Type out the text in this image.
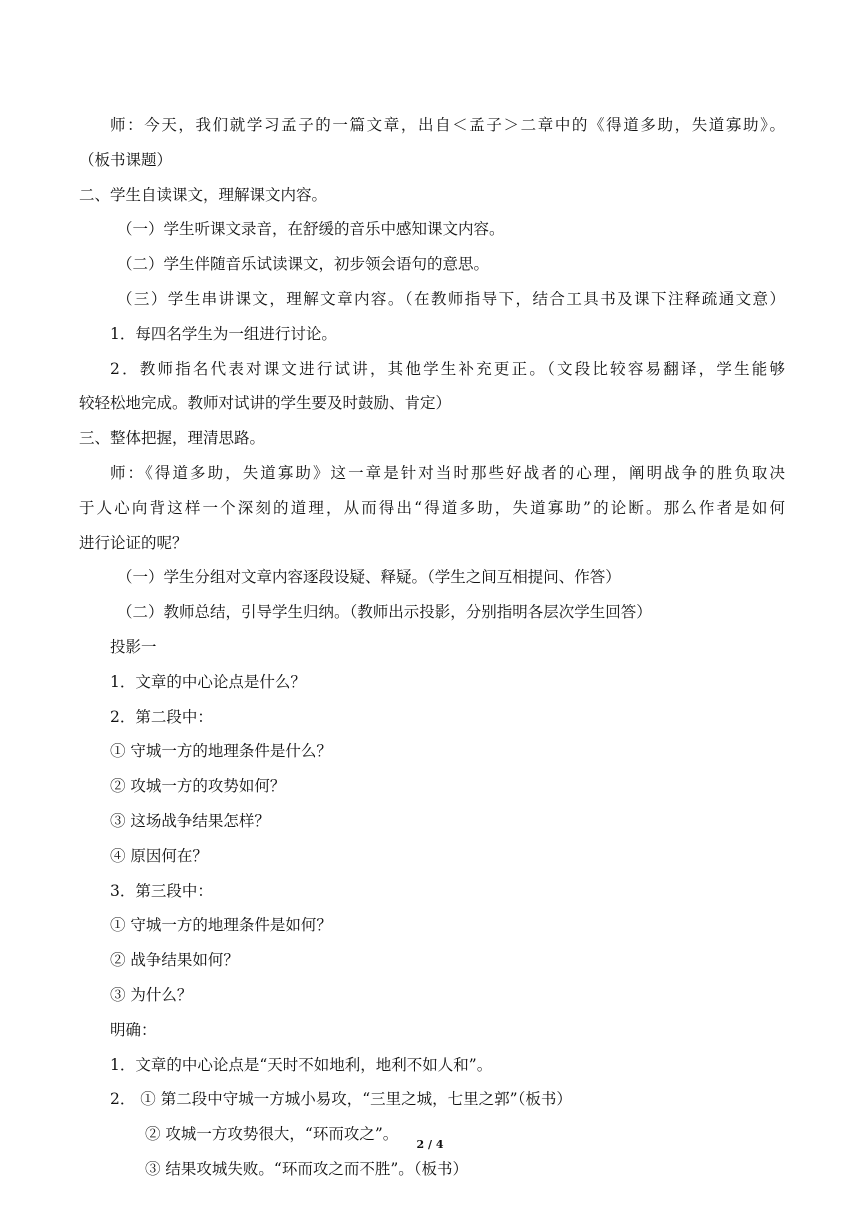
师：今天，我们就学习孟子的一篇文章，出自＜孟子＞二章中的《得道多助，失道寡助》。
（板书课题）
二、学生自读课文，理解课文内容。
（一）学生听课文录音，在舒缓的音乐中感知课文内容。
（二）学生伴随音乐试读课文，初步领会语句的意思。
（三）学生串讲课文，理解文章内容。（在教师指导下，结合工具书及课下注释疏通文意）
1．每四名学生为一组进行讨论。
2．教师指名代表对课文进行试讲，其他学生补充更正。（文段比较容易翻译，学生能够
较轻松地完成。教师对试讲的学生要及时鼓励、肯定）
三、整体把握，理清思路。
师：《得道多助，失道寡助》这一章是针对当时那些好战者的心理，阐明战争的胜负取决
于人心向背这样一个深刻的道理，从而得出“得道多助，失道寡助”的论断。那么作者是如何
进行论证的呢？
（一）学生分组对文章内容逐段设疑、释疑。（学生之间互相提问、作答）
（二）教师总结，引导学生归纳。（教师出示投影，分别指明各层次学生回答）
投影一
1．文章的中心论点是什么？
2．第二段中：
① 守城一方的地理条件是什么？
② 攻城一方的攻势如何？
③ 这场战争结果怎样？
④ 原因何在？
3．第三段中：
① 守城一方的地理条件是如何？
② 战争结果如何？
③ 为什么？
明确：
1．文章的中心论点是“天时不如地利，地利不如人和”。
2． ① 第二段中守城一方城小易攻，“三里之城，七里之郭”（板书）
② 攻城一方攻势很大，“环而攻之”。
③ 结果攻城失败。“环而攻之而不胜”。（板书）
2 / 4
